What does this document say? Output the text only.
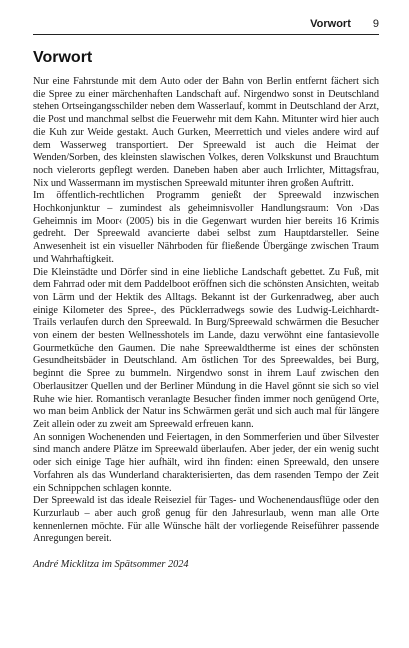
Vorwort 9
Vorwort

Nur eine Fahrstunde mit dem Auto oder der Bahn von Berlin entfernt fächert sich die Spree zu einer märchenhaften Landschaft auf. Nirgendwo sonst in Deutschland stehen Ortseingangsschilder neben dem Wasserlauf, kommt in Deutschland der Arzt, die Post und manchmal selbst die Feuerwehr mit dem Kahn. Mitunter wird hier auch die Kuh zur Weide gestakt. Auch Gurken, Meerrettich und vieles andere wird auf dem Wasserweg transportiert. Der Spreewald ist auch die Heimat der Wenden/Sorben, des kleinsten slawischen Volkes, deren Volkskunst und Brauchtum noch vielerorts gepflegt werden. Daneben haben aber auch Irrlichter, Mittagsfrau, Nix und Wassermann im mystischen Spreewald mitunter ihren großen Auftritt.

Im öffentlich-rechtlichen Programm genießt der Spreewald inzwischen Hochkonjunktur – zumindest als geheimnisvoller Handlungsraum: Von ›Das Geheimnis im Moor‹ (2005) bis in die Gegenwart wurden hier bereits 16 Krimis gedreht. Der Spreewald avancierte dabei selbst zum Hauptdarsteller. Seine Anwesenheit ist ein visueller Nährboden für fließende Übergänge zwischen Traum und Wahrhaftigkeit.

Die Kleinstädte und Dörfer sind in eine liebliche Landschaft gebettet. Zu Fuß, mit dem Fahrrad oder mit dem Paddelboot eröffnen sich die schönsten Ansichten, weitab von Lärm und der Hektik des Alltags. Bekannt ist der Gurkenradweg, aber auch einige Kilometer des Spree-, des Pücklerradwegs sowie des Ludwig-Leichhardt-Trails verlaufen durch den Spreewald. In Burg/Spreewald schwärmen die Besucher von einem der besten Wellnesshotels im Lande, dazu verwöhnt eine fantasievolle Gourmetküche den Gaumen. Die nahe Spreewaldtherme ist eines der schönsten Gesundheitsbäder in Deutschland. Am östlichen Tor des Spreewaldes, bei Burg, beginnt die Spree zu bummeln. Nirgendwo sonst in ihrem Lauf zwischen den Oberlausitzer Quellen und der Berliner Mündung in die Havel gönnt sie sich so viel Ruhe wie hier. Romantisch veranlagte Besucher finden immer noch genügend Orte, wo man beim Anblick der Natur ins Schwärmen gerät und sich auch mal für längere Zeit allein oder zu zweit am Spreewald erfreuen kann.

An sonnigen Wochenenden und Feiertagen, in den Sommerferien und über Silvester sind manch andere Plätze im Spreewald überlaufen. Aber jeder, der ein wenig sucht oder sich einige Tage hier aufhält, wird ihn finden: einen Spreewald, den unsere Vorfahren als das Wunderland charakterisierten, das dem rasenden Tempo der Zeit ein Schnippchen schlagen konnte.

Der Spreewald ist das ideale Reiseziel für Tages- und Wochenendausflüge oder den Kurzurlaub – aber auch groß genug für den Jahresurlaub, wenn man alle Orte kennenlernen möchte. Für alle Wünsche hält der vorliegende Reiseführer passende Anregungen bereit.

André Micklitza im Spätsommer 2024
